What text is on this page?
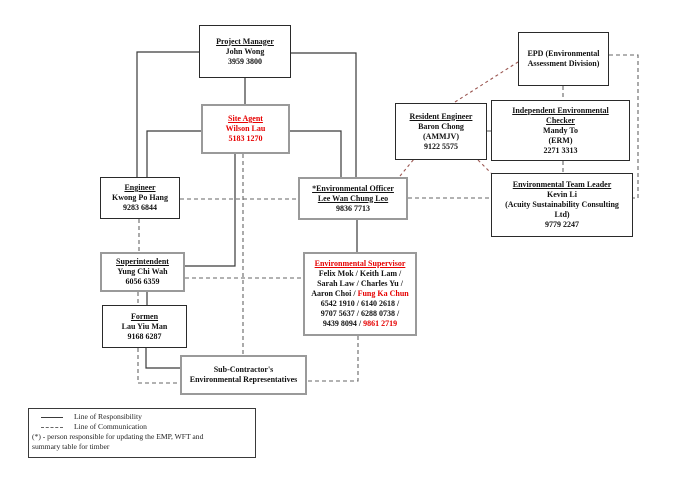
Project Manager
John Wong
3959 3800
Site Agent
Wilson Lau
5183 1270
EPD (Environmental
Assessment Division)
Resident Engineer
Baron Chong
(AMMJV)
9122 5575
Independent Environmental
Checker
Mandy To
(ERM)
2271 3313
Environmental Team Leader
Kevin Li
(Acuity Sustainability Consulting
Ltd)
9779 2247
Engineer
Kwong Po Hang
9283 6844
*Environmental Officer
Lee Wan Chung Leo
9836 7713
Superintendent
Yung Chi Wah
6056 6359
Environmental Supervisor
Felix Mok / Keith Lam /
Sarah Law / Charles Yu /
Aaron Choi / Fung Ka Chun
6542 1910 / 6140 2618 /
9707 5637 / 6288 0738 /
9439 8094 / 9861 2719
Formen
Lau Yiu Man
9168 6287
Sub-Contractor's
Environmental Representatives
Line of Responsibility
Line of Communication
(*) - person responsible for updating the EMP, WFT and
summary table for timber
